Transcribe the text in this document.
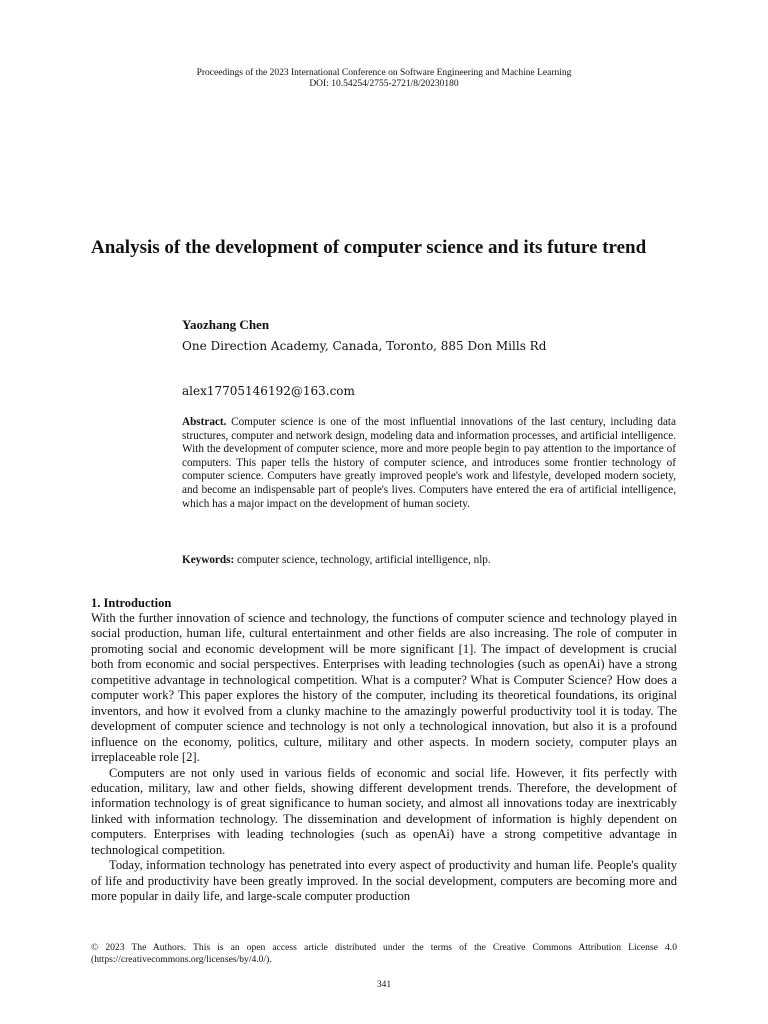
Proceedings of the 2023 International Conference on Software Engineering and Machine Learning
DOI: 10.54254/2755-2721/8/20230180
Analysis of the development of computer science and its future trend
Yaozhang Chen
One Direction Academy, Canada, Toronto, 885 Don Mills Rd
alex17705146192@163.com

Abstract. Computer science is one of the most influential innovations of the last century, including data structures, computer and network design, modeling data and information processes, and artificial intelligence. With the development of computer science, more and more people begin to pay attention to the importance of computers. This paper tells the history of computer science, and introduces some frontier technology of computer science. Computers have greatly improved people's work and lifestyle, developed modern society, and become an indispensable part of people's lives. Computers have entered the era of artificial intelligence, which has a major impact on the development of human society.

Keywords: computer science, technology, artificial intelligence, nlp.

1. Introduction

With the further innovation of science and technology, the functions of computer science and technology played in social production, human life, cultural entertainment and other fields are also increasing. The role of computer in promoting social and economic development will be more significant [1]. The impact of development is crucial both from economic and social perspectives. Enterprises with leading technologies (such as openAi) have a strong competitive advantage in technological competition. What is a computer? What is Computer Science? How does a computer work? This paper explores the history of the computer, including its theoretical foundations, its original inventors, and how it evolved from a clunky machine to the amazingly powerful productivity tool it is today. The development of computer science and technology is not only a technological innovation, but also it is a profound influence on the economy, politics, culture, military and other aspects. In modern society, computer plays an irreplaceable role [2].

Computers are not only used in various fields of economic and social life. However, it fits perfectly with education, military, law and other fields, showing different development trends. Therefore, the development of information technology is of great significance to human society, and almost all innovations today are inextricably linked with information technology. The dissemination and development of information is highly dependent on computers. Enterprises with leading technologies (such as openAi) have a strong competitive advantage in technological competition.

Today, information technology has penetrated into every aspect of productivity and human life. People's quality of life and productivity have been greatly improved. In the social development, computers are becoming more and more popular in daily life, and large-scale computer production

© 2023 The Authors. This is an open access article distributed under the terms of the Creative Commons Attribution License 4.0 (https://creativecommons.org/licenses/by/4.0/).
341
